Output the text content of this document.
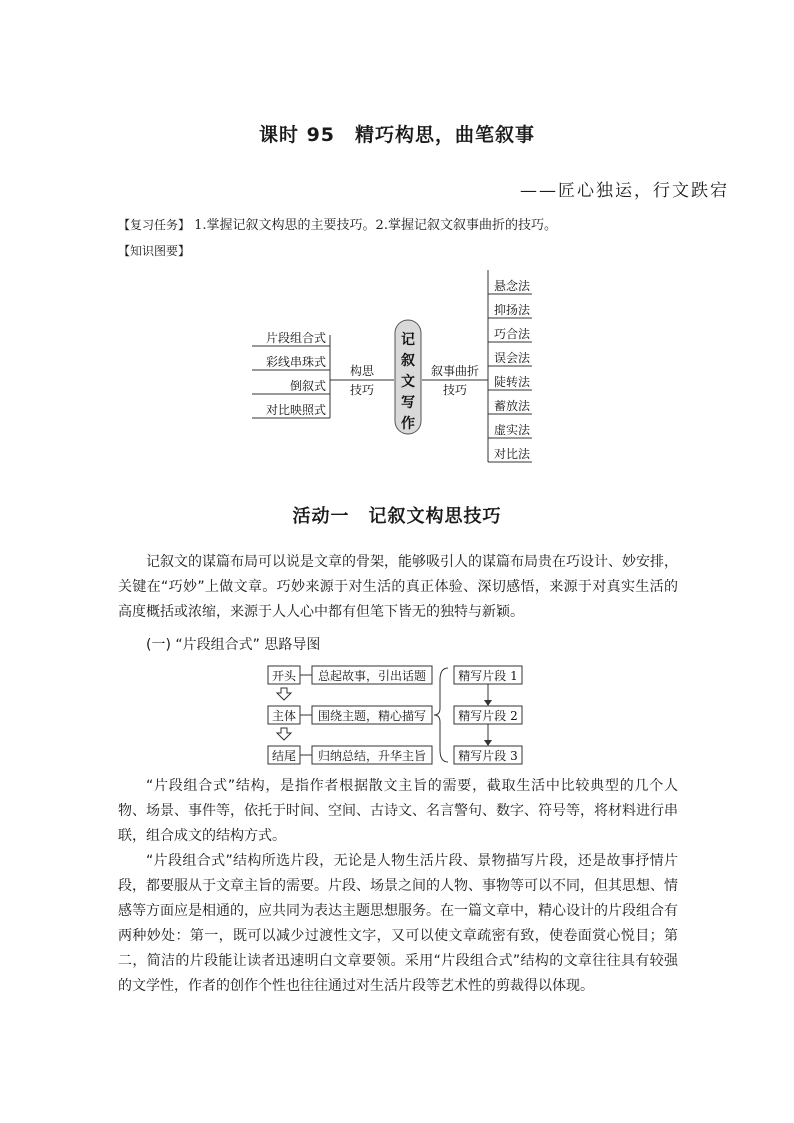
课时 95　精巧构思，曲笔叙事
——匠心独运，行文跌宕
【复习任务】 1.掌握记叙文构思的主要技巧。2.掌握记叙文叙事曲折的技巧。
【知识图要】
记
叙
文
写
作
片段组合式
彩线串珠式
倒叙式
对比映照式
构思
技巧
叙事曲折
技巧
悬念法
抑扬法
巧合法
误会法
陡转法
蓄放法
虚实法
对比法
活动一　记叙文构思技巧

记叙文的谋篇布局可以说是文章的骨架，能够吸引人的谋篇布局贵在巧设计、妙安排，关键在“巧妙”上做文章。巧妙来源于对生活的真正体验、深切感悟，来源于对真实生活的高度概括或浓缩，来源于人人心中都有但笔下皆无的独特与新颖。

(一) “片段组合式” 思路导图
开头
主体
结尾
总起故事，引出话题
围绕主题，精心描写
归纳总结，升华主旨
精写片段 1
精写片段 2
精写片段 3

“片段组合式”结构，是指作者根据散文主旨的需要，截取生活中比较典型的几个人物、场景、事件等，依托于时间、空间、古诗文、名言警句、数字、符号等，将材料进行串联，组合成文的结构方式。

“片段组合式”结构所选片段，无论是人物生活片段、景物描写片段，还是故事抒情片段，都要服从于文章主旨的需要。片段、场景之间的人物、事物等可以不同，但其思想、情感等方面应是相通的，应共同为表达主题思想服务。在一篇文章中，精心设计的片段组合有两种妙处：第一，既可以减少过渡性文字，又可以使文章疏密有致，使卷面赏心悦目；第二，简洁的片段能让读者迅速明白文章要领。采用“片段组合式”结构的文章往往具有较强的文学性，作者的创作个性也往往通过对生活片段等艺术性的剪裁得以体现。
